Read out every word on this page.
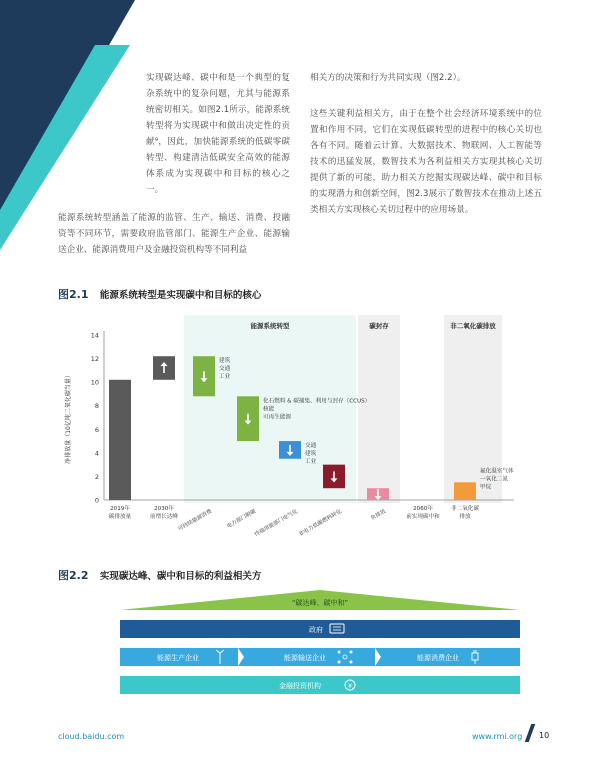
实现碳达峰、碳中和是一个典型的复杂系统中的复杂问题，尤其与能源系统密切相关。如图2.1所示，能源系统转型将为实现碳中和做出决定性的贡献⁹，因此，加快能源系统的低碳零碳转型、构建清洁低碳安全高效的能源体系成为实现碳中和目标的核心之一。

能源系统转型涵盖了能源的监管、生产、输送、消费、投融资等不同环节，需要政府监管部门、能源生产企业、能源输送企业、能源消费用户及金融投资机构等不同利益

相关方的决策和行为共同实现（图2.2）。

这些关键利益相关方，由于在整个社会经济环境系统中的位置和作用不同，它们在实现低碳转型的进程中的核心关切也各有不同。随着云计算、大数据技术、物联网、人工智能等技术的迅猛发展，数智技术为各利益相关方实现其核心关切提供了新的可能，助力相关方挖掘实现碳达峰、碳中和目标的实现潜力和创新空间，图2.3展示了数智技术在推动上述五类相关方实现核心关切过程中的应用场景。

图2.1 能源系统转型是实现碳中和目标的核心
能源系统转型	碳封存	非二氧化碳排放
0
2
4
6
8
10
12
14
净排放量（10亿吨二氧化碳当量）
2019年
碳排放量
2030年
前增长达峰
建筑
交通
工业
可持续能源消费
化石燃料 & 碳捕集、利用与封存（CCUS）
核能
可再生能源
电力部门脱碳
交通
建筑
工业
终端用能部门电气化
非电力低碳燃料转化	负排放	2060年
前实现碳中和
氟化温室气体
一氧化二氮
甲烷
非二氧化碳
排放
图2.2 实现碳达峰、碳中和目标的利益相关方
“碳达峰、碳中和”
政府
能源生产企业	能源输送企业	能源消费企业
金融投资机构	¥
cloud.baidu.com	www.rmi.org 10
